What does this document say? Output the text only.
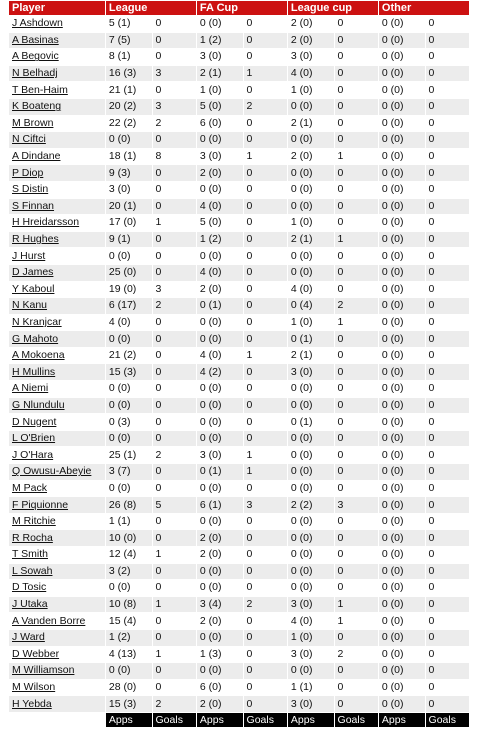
Player	League		FA Cup		League cup		Other	
J Ashdown	5 (1)	0	0 (0)	0	2 (0)	0	0 (0)	0
A Basinas	7 (5)	0	1 (2)	0	2 (0)	0	0 (0)	0
A Begovic	8 (1)	0	3 (0)	0	3 (0)	0	0 (0)	0
N Belhadj	16 (3)	3	2 (1)	1	4 (0)	0	0 (0)	0
T Ben-Haim	21 (1)	0	1 (0)	0	1 (0)	0	0 (0)	0
K Boateng	20 (2)	3	5 (0)	2	0 (0)	0	0 (0)	0
M Brown	22 (2)	2	6 (0)	0	2 (1)	0	0 (0)	0
N Ciftci	0 (0)	0	0 (0)	0	0 (0)	0	0 (0)	0
A Dindane	18 (1)	8	3 (0)	1	2 (0)	1	0 (0)	0
P Diop	9 (3)	0	2 (0)	0	0 (0)	0	0 (0)	0
S Distin	3 (0)	0	0 (0)	0	0 (0)	0	0 (0)	0
S Finnan	20 (1)	0	4 (0)	0	0 (0)	0	0 (0)	0
H Hreidarsson	17 (0)	1	5 (0)	0	1 (0)	0	0 (0)	0
R Hughes	9 (1)	0	1 (2)	0	2 (1)	1	0 (0)	0
J Hurst	0 (0)	0	0 (0)	0	0 (0)	0	0 (0)	0
D James	25 (0)	0	4 (0)	0	0 (0)	0	0 (0)	0
Y Kaboul	19 (0)	3	2 (0)	0	4 (0)	0	0 (0)	0
N Kanu	6 (17)	2	0 (1)	0	0 (4)	2	0 (0)	0
N Kranjcar	4 (0)	0	0 (0)	0	1 (0)	1	0 (0)	0
G Mahoto	0 (0)	0	0 (0)	0	0 (1)	0	0 (0)	0
A Mokoena	21 (2)	0	4 (0)	1	2 (1)	0	0 (0)	0
H Mullins	15 (3)	0	4 (2)	0	3 (0)	0	0 (0)	0
A Niemi	0 (0)	0	0 (0)	0	0 (0)	0	0 (0)	0
G Nlundulu	0 (0)	0	0 (0)	0	0 (0)	0	0 (0)	0
D Nugent	0 (3)	0	0 (0)	0	0 (1)	0	0 (0)	0
L O'Brien	0 (0)	0	0 (0)	0	0 (0)	0	0 (0)	0
J O'Hara	25 (1)	2	3 (0)	1	0 (0)	0	0 (0)	0
Q Owusu-Abeyie	3 (7)	0	0 (1)	1	0 (0)	0	0 (0)	0
M Pack	0 (0)	0	0 (0)	0	0 (0)	0	0 (0)	0
F Piquionne	26 (8)	5	6 (1)	3	2 (2)	3	0 (0)	0
M Ritchie	1 (1)	0	0 (0)	0	0 (0)	0	0 (0)	0
R Rocha	10 (0)	0	2 (0)	0	0 (0)	0	0 (0)	0
T Smith	12 (4)	1	2 (0)	0	0 (0)	0	0 (0)	0
L Sowah	3 (2)	0	0 (0)	0	0 (0)	0	0 (0)	0
D Tosic	0 (0)	0	0 (0)	0	0 (0)	0	0 (0)	0
J Utaka	10 (8)	1	3 (4)	2	3 (0)	1	0 (0)	0
A Vanden Borre	15 (4)	0	2 (0)	0	4 (0)	1	0 (0)	0
J Ward	1 (2)	0	0 (0)	0	1 (0)	0	0 (0)	0
D Webber	4 (13)	1	1 (3)	0	3 (0)	2	0 (0)	0
M Williamson	0 (0)	0	0 (0)	0	0 (0)	0	0 (0)	0
M Wilson	28 (0)	0	6 (0)	0	1 (1)	0	0 (0)	0
H Yebda	15 (3)	2	2 (0)	0	3 (0)	0	0 (0)	0
	Apps	Goals	Apps	Goals	Apps	Goals	Apps	Goals
